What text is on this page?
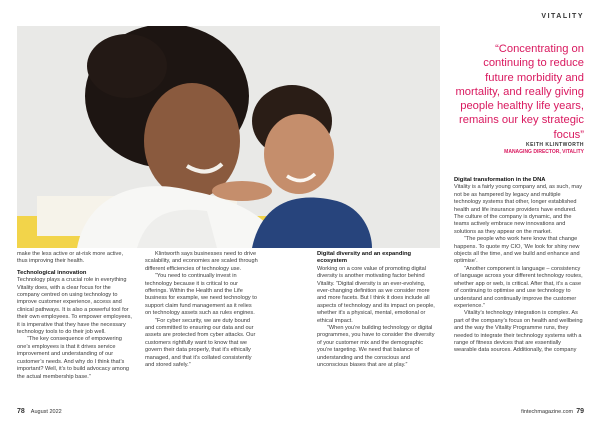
VITALITY
“Concentrating on continuing to reduce future morbidity and mortality, and really giving people healthy life years, remains our key strategic focus”
KEITH KLINTWORTH
MANAGING DIRECTOR, VITALITY

make the less active or at-risk more active, thus improving their health.

Technological innovation

Technology plays a crucial role in everything Vitality does, with a clear focus for the company centred on using technology to improve customer experience, access and clinical pathways. It is also a powerful tool for their own employees. To empower employees, it is imperative that they have the necessary technology tools to do their job well.

“The key consequence of empowering one’s employees is that it drives service improvement and understanding of our customer’s needs. And why do I think that’s important? Well, it’s to build advocacy among the actual membership base.”

Klintworth says businesses need to drive scalability, and economies are scaled through different efficiencies of technology use.

“You need to continually invest in technology because it is critical to our offerings. Within the Health and the Life business for example, we need technology to support claim fund management as it relies on technology assets such as rules engines.

“For cyber security, we are duty bound and committed to ensuring our data and our assets are protected from cyber attacks. Our customers rightfully want to know that we govern their data properly, that it’s ethically managed, and that it’s collated consistently and stored safely.”

Digital diversity and an expanding ecosystem

Working on a core value of promoting digital diversity is another motivating factor behind Vitality. “Digital diversity is an ever-evolving, ever-changing definition as we consider more and more facets. But I think it does include all aspects of technology and its impact on people, whether it’s a physical, mental, emotional or ethical impact.

“When you’re building technology or digital programmes, you have to consider the diversity of your customer mix and the demographic you’re targeting. We need that balance of understanding and the conscious and unconscious biases that are at play.”

Digital transformation in the DNA

Vitality is a fairly young company and, as such, may not be as hampered by legacy and multiple technology systems that other, longer established health and life insurance providers have endured. The culture of the company is dynamic, and the teams actively embrace new innovations and solutions as they appear on the market.

“The people who work here know that change happens. To quote my CIO, ‘We look for shiny new objects all the time, and we build and enhance and optimise’.

“Another component is language – consistency of language across your different technology routes, whether app or web, is critical. After that, it’s a case of continuing to optimise and use technology to understand and continually improve the customer experience.”

Vitality’s technology integration is complex. As part of the company’s focus on health and wellbeing and the way the Vitality Programme runs, they needed to integrate their technology systems with a range of fitness devices that are essentially wearable data sources. Additionally, the company

78 August 2022	fintechmagazine.com 79
